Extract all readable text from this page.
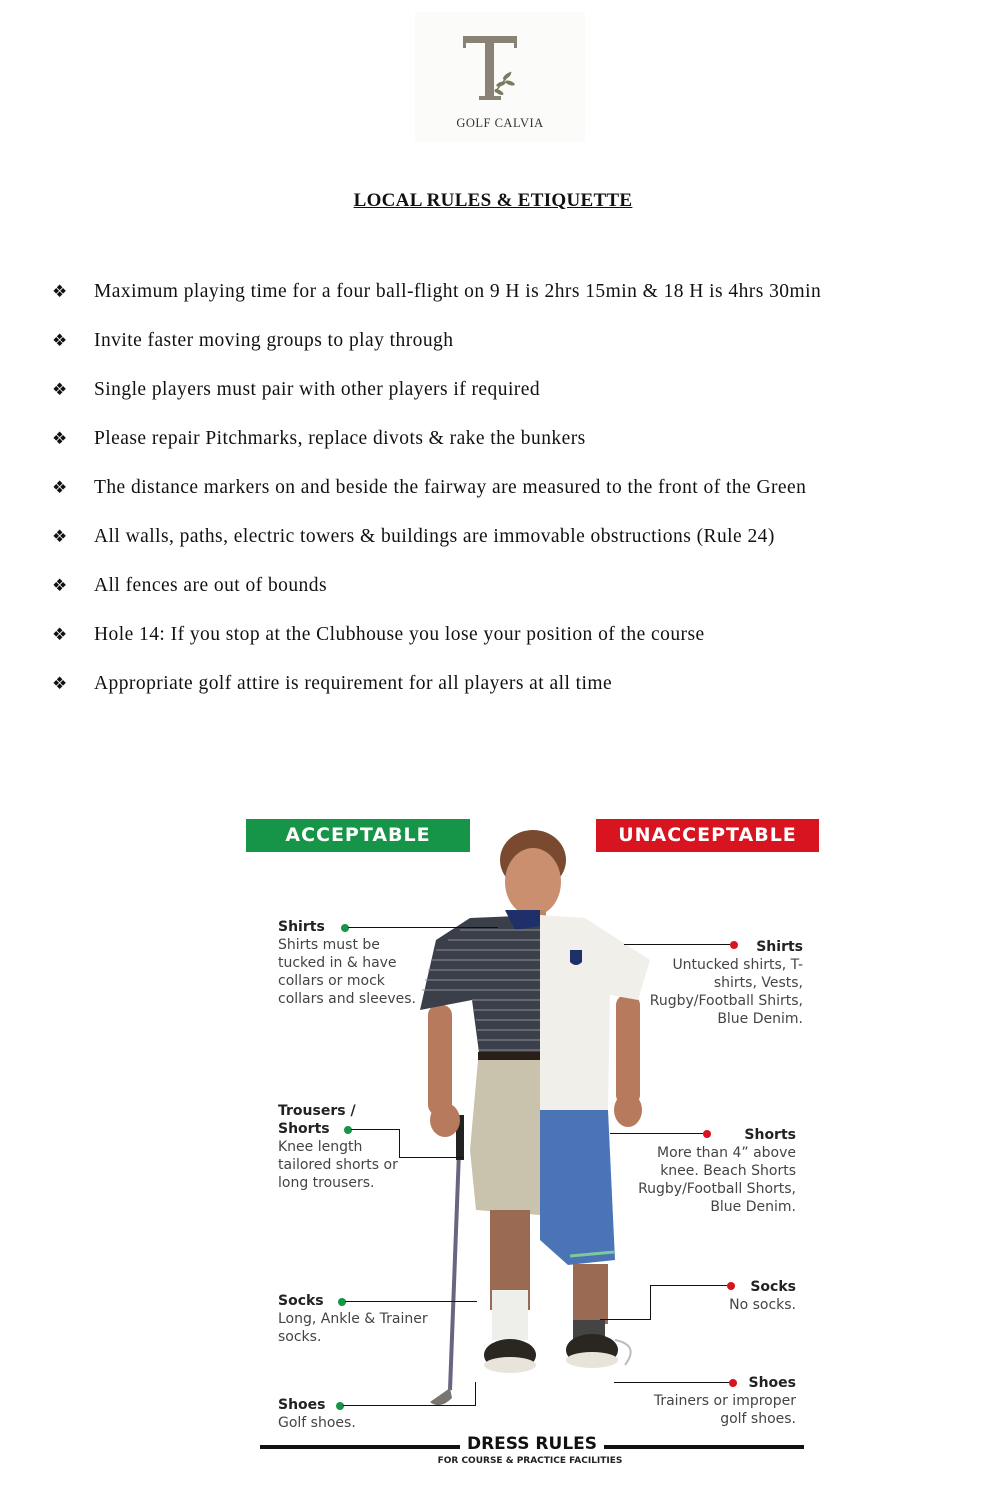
GOLF CALVIA
LOCAL RULES & ETIQUETTE
❖ Maximum playing time for a four ball-flight on 9 H is 2hrs 15min & 18 H is 4hrs 30min
❖ Invite faster moving groups to play through
❖ Single players must pair with other players if required
❖ Please repair Pitchmarks, replace divots & rake the bunkers
❖ The distance markers on and beside the fairway are measured to the front of the Green
❖ All walls, paths, electric towers & buildings are immovable obstructions (Rule 24)
❖ All fences are out of bounds
❖ Hole 14: If you stop at the Clubhouse you lose your position of the course
❖ Appropriate golf attire is requirement for all players at all time
ACCEPTABLE	UNACCEPTABLE
Shirts
Shirts must be tucked in & have collars or mock collars and sleeves.
Trousers / Shorts
Knee length tailored shorts or long trousers.
Socks
Long, Ankle & Trainer socks.
Shoes
Golf shoes.
Shirts
Untucked shirts, T-shirts, Vests, Rugby/Football Shirts, Blue Denim.
Shorts
More than 4” above knee. Beach Shorts Rugby/Football Shorts, Blue Denim.
Socks
No socks.
Shoes
Trainers or improper golf shoes.
DRESS RULES
FOR COURSE & PRACTICE FACILITIES
